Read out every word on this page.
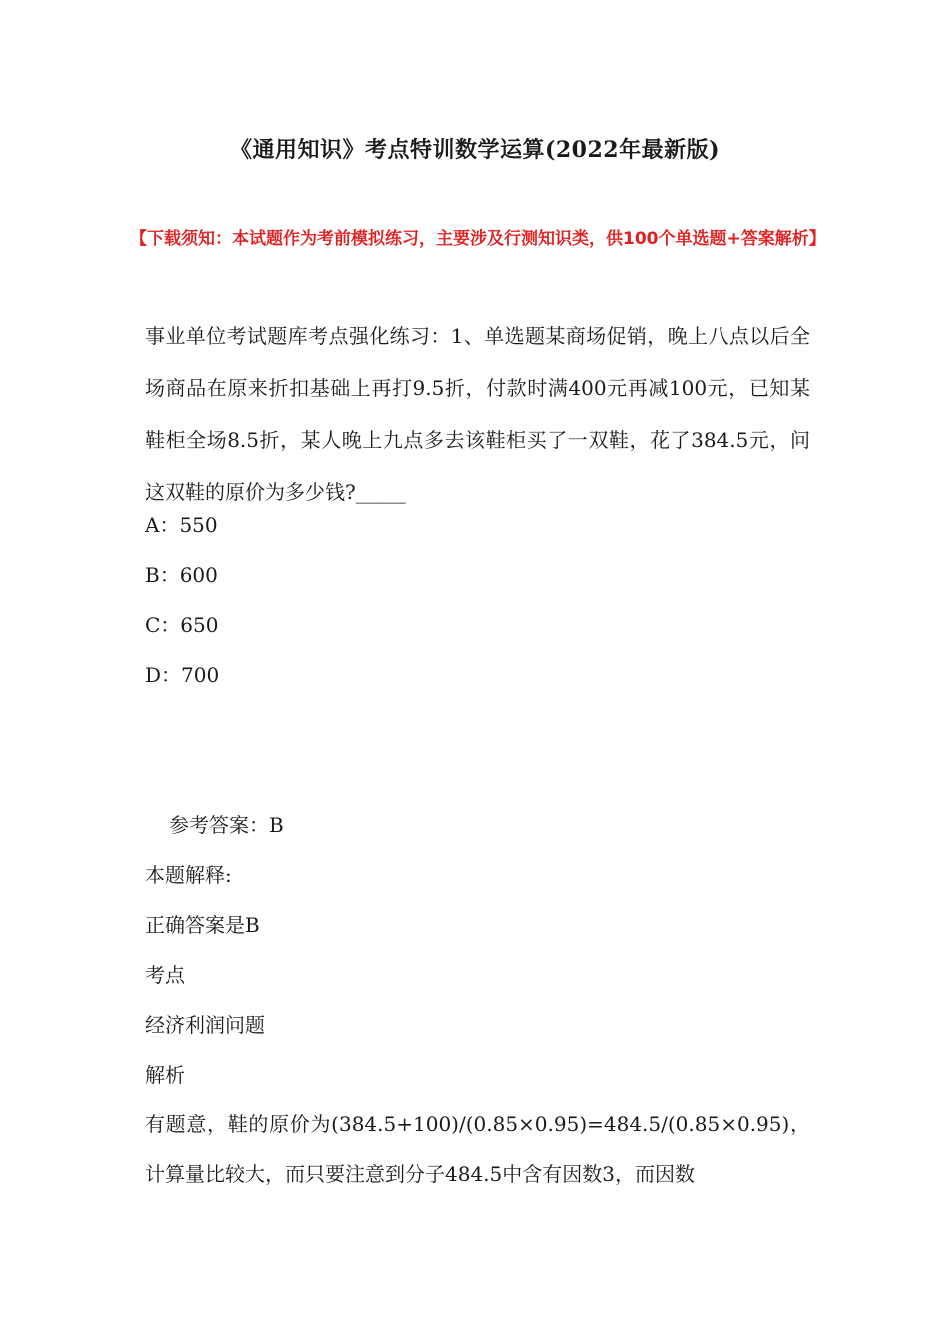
《通用知识》考点特训数学运算(2022年最新版)
【下载须知：本试题作为考前模拟练习，主要涉及行测知识类，供100个单选题+答案解析】
事业单位考试题库考点强化练习：1、单选题某商场促销，晚上八点以后全场商品在原来折扣基础上再打9.5折，付款时满400元再减100元，已知某鞋柜全场8.5折，某人晚上九点多去该鞋柜买了一双鞋，花了384.5元，问这双鞋的原价为多少钱?_____
A：550
B：600
C：650
D：700
参考答案：B
本题解释:
正确答案是B
考点
经济利润问题
解析
有题意，鞋的原价为(384.5+100)/(0.85×0.95)=484.5/(0.85×0.95)，计算量比较大，而只要注意到分子484.5中含有因数3，而因数
